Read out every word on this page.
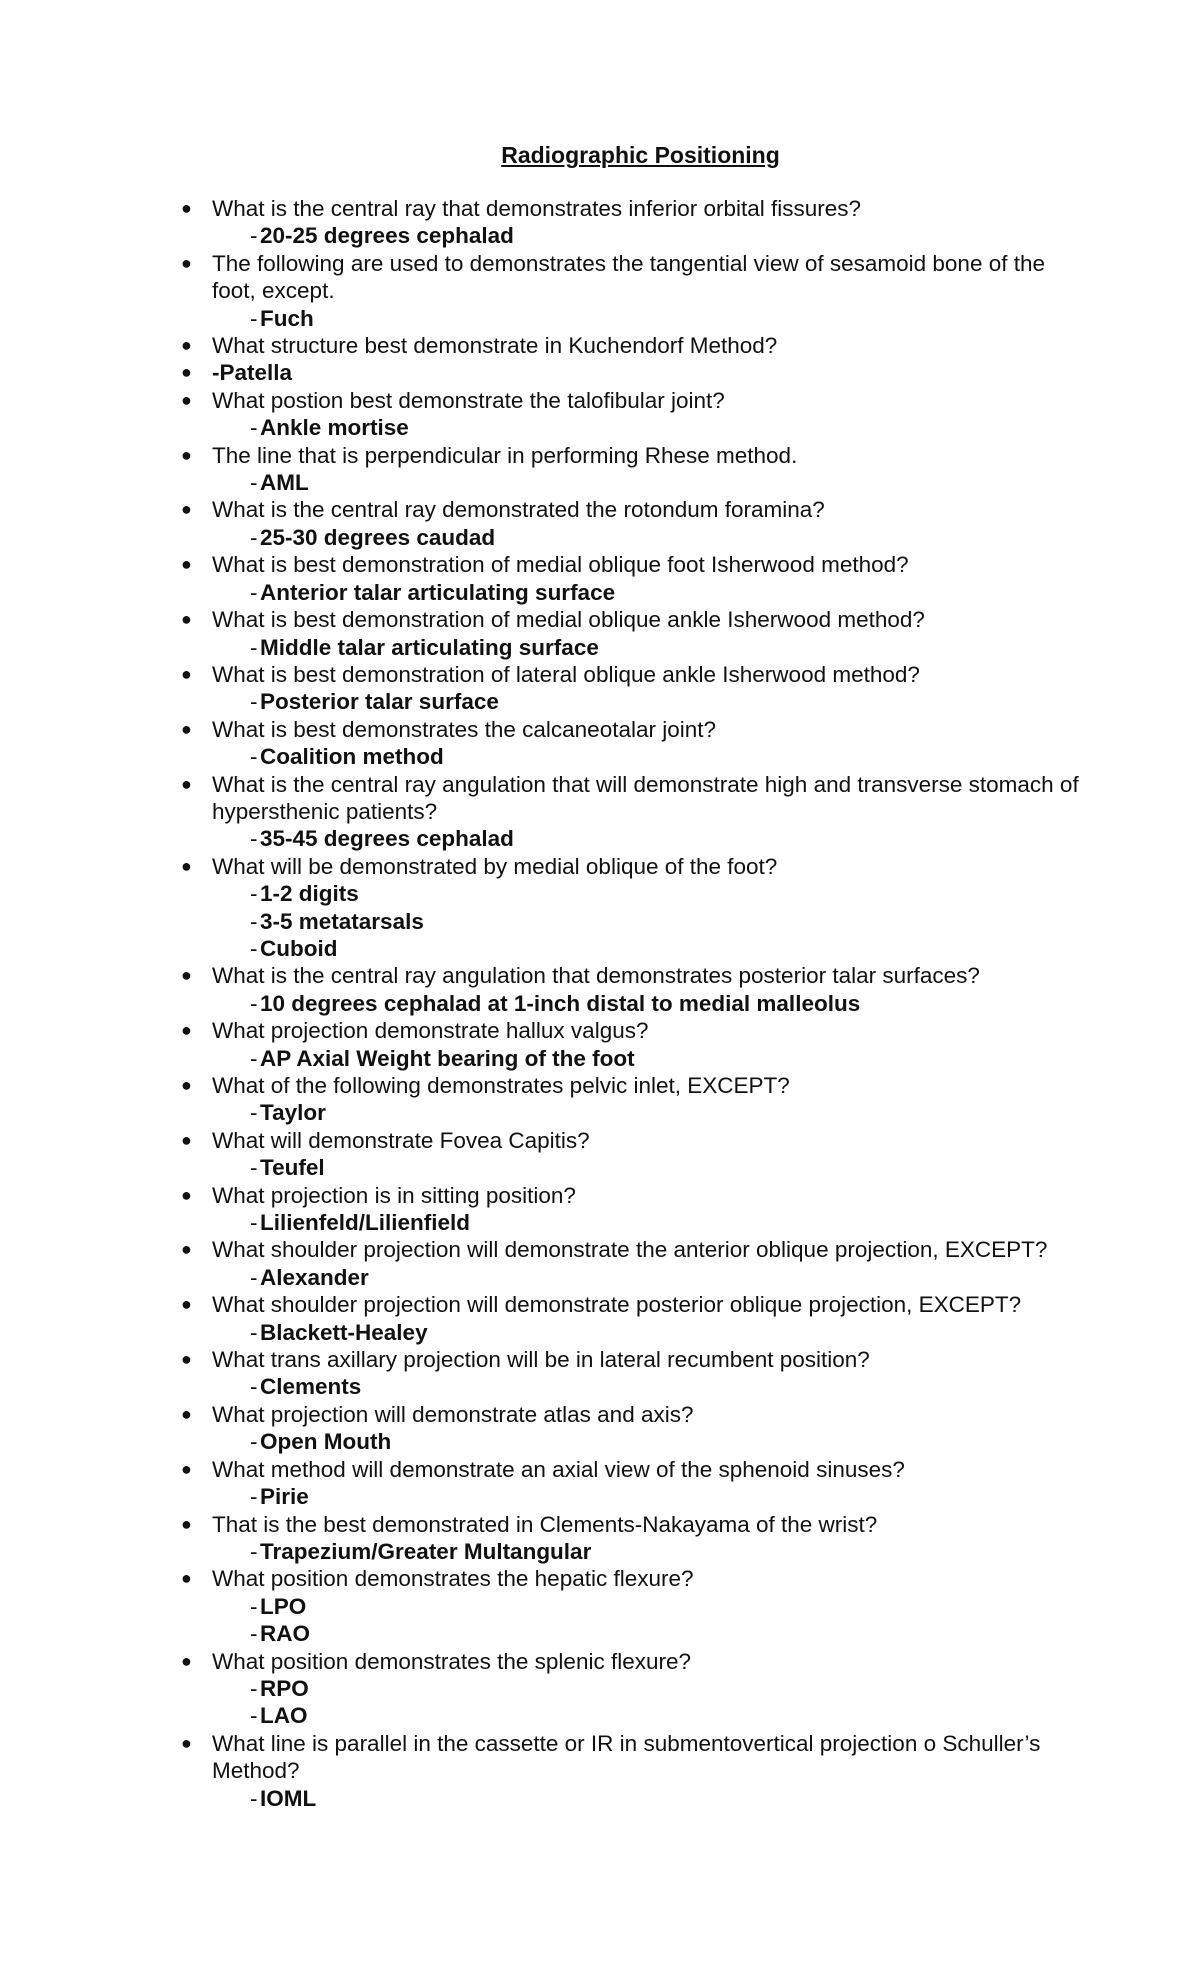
Radiographic Positioning
● What is the central ray that demonstrates inferior orbital fissures?
- 20-25 degrees cephalad
● The following are used to demonstrates the tangential view of sesamoid bone of the foot, except.
- Fuch
● What structure best demonstrate in Kuchendorf Method?
● -Patella
● What postion best demonstrate the talofibular joint?
- Ankle mortise
● The line that is perpendicular in performing Rhese method.
- AML
● What is the central ray demonstrated the rotondum foramina?
- 25-30 degrees caudad
● What is best demonstration of medial oblique foot Isherwood method?
- Anterior talar articulating surface
● What is best demonstration of medial oblique ankle Isherwood method?
- Middle talar articulating surface
● What is best demonstration of lateral oblique ankle Isherwood method?
- Posterior talar surface
● What is best demonstrates the calcaneotalar joint?
- Coalition method
● What is the central ray angulation that will demonstrate high and transverse stomach of hypersthenic patients?
- 35-45 degrees cephalad
● What will be demonstrated by medial oblique of the foot?
- 1-2 digits
- 3-5 metatarsals
- Cuboid
● What is the central ray angulation that demonstrates posterior talar surfaces?
- 10 degrees cephalad at 1-inch distal to medial malleolus
● What projection demonstrate hallux valgus?
- AP Axial Weight bearing of the foot
● What of the following demonstrates pelvic inlet, EXCEPT?
- Taylor
● What will demonstrate Fovea Capitis?
- Teufel
● What projection is in sitting position?
- Lilienfeld/Lilienfield
● What shoulder projection will demonstrate the anterior oblique projection, EXCEPT?
- Alexander
● What shoulder projection will demonstrate posterior oblique projection, EXCEPT?
- Blackett-Healey
● What trans axillary projection will be in lateral recumbent position?
- Clements
● What projection will demonstrate atlas and axis?
- Open Mouth
● What method will demonstrate an axial view of the sphenoid sinuses?
- Pirie
● That is the best demonstrated in Clements-Nakayama of the wrist?
- Trapezium/Greater Multangular
● What position demonstrates the hepatic flexure?
- LPO
- RAO
● What position demonstrates the splenic flexure?
- RPO
- LAO
● What line is parallel in the cassette or IR in submentovertical projection o Schuller’s Method?
- IOML
